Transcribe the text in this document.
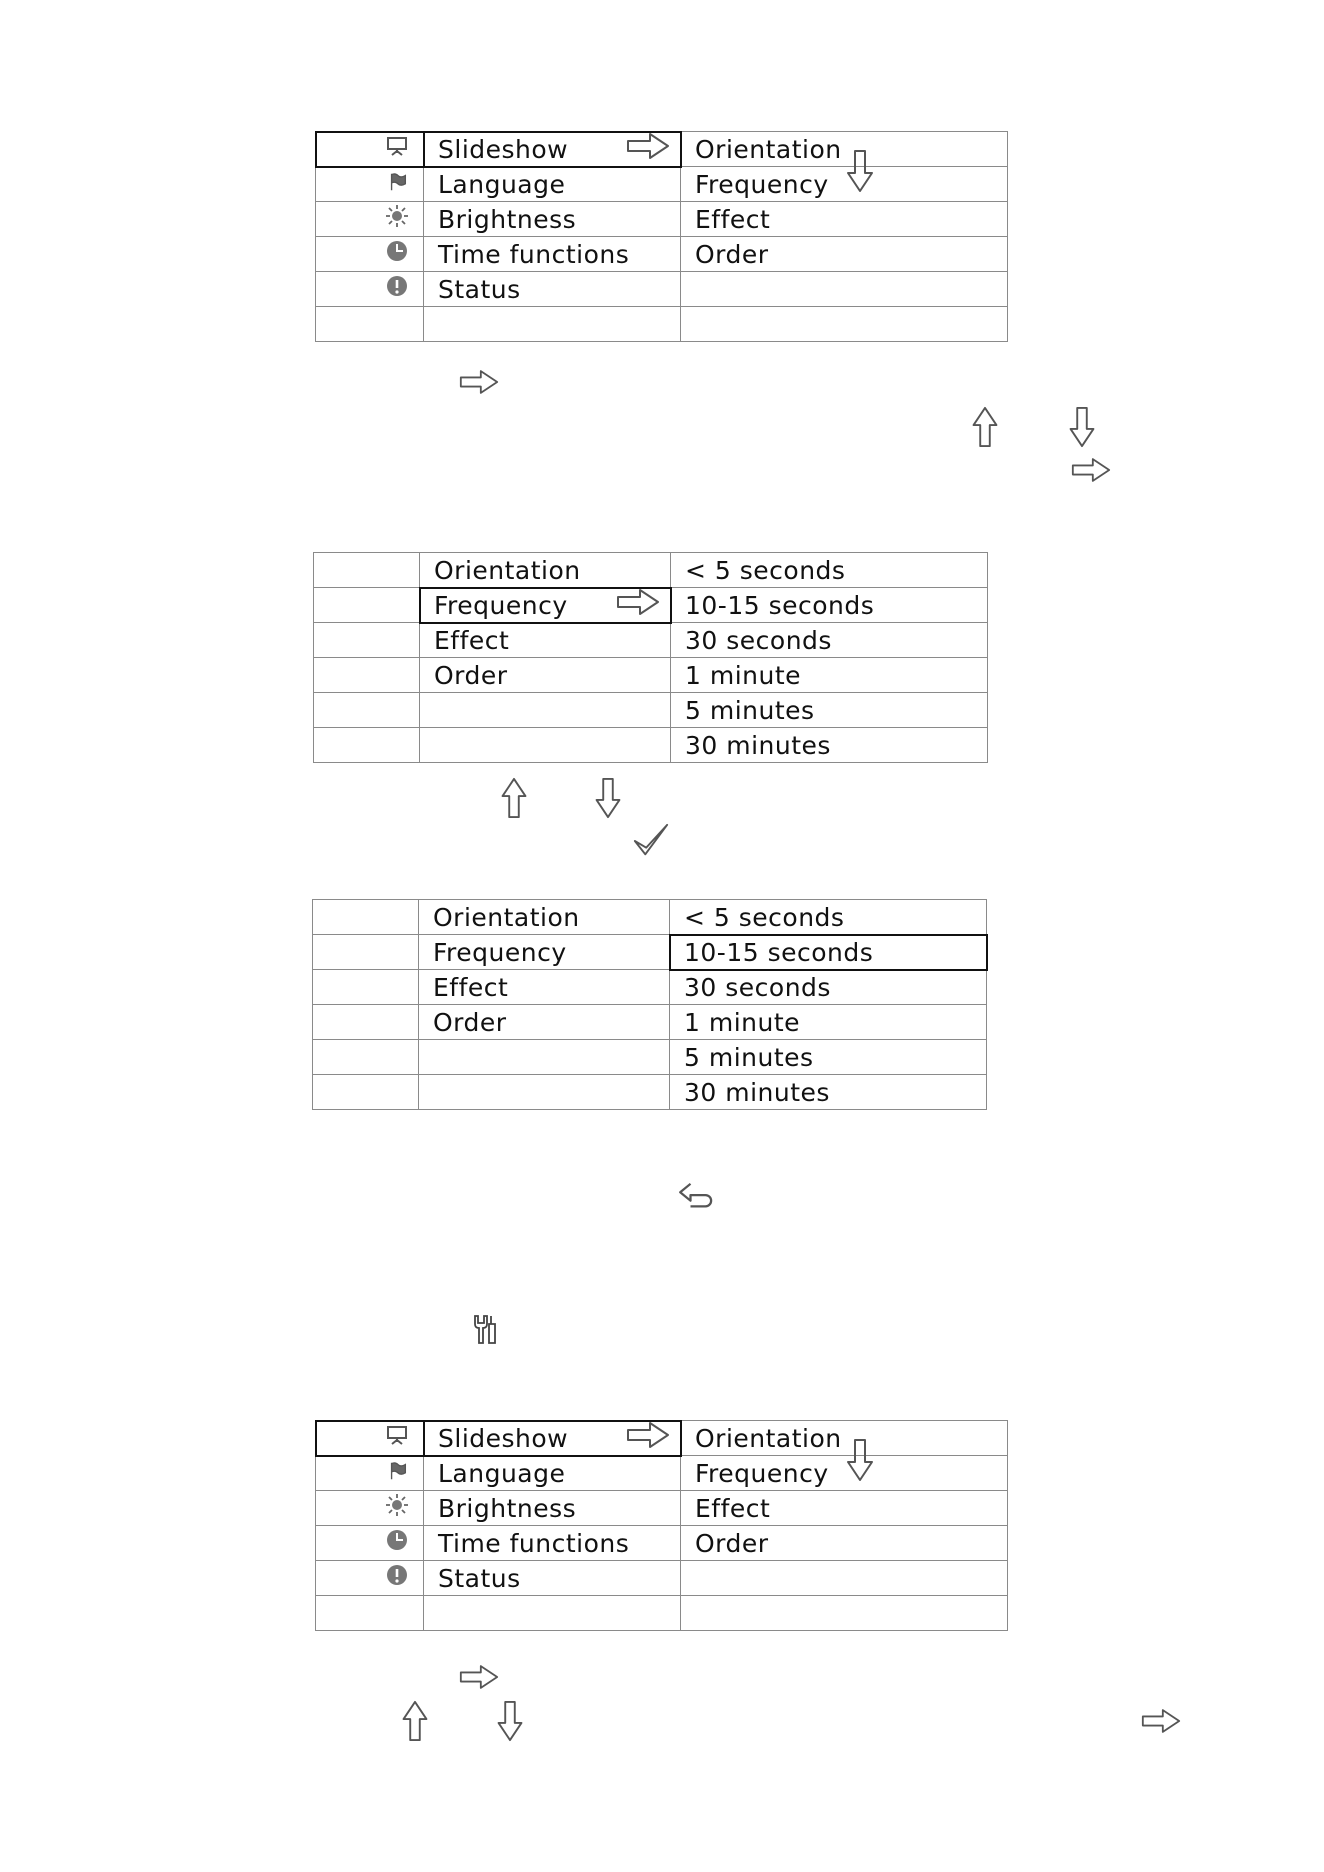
	Slideshow	Orientation
	Language	Frequency
	Brightness	Effect
	Time functions	Order
	Status	

	Orientation	< 5 seconds
	Frequency	10-15 seconds
	Effect	30 seconds
	Order	1 minute
		5 minutes
		30 minutes
	Orientation	< 5 seconds
	Frequency	10-15 seconds
	Effect	30 seconds
	Order	1 minute
		5 minutes
		30 minutes
	Slideshow	Orientation
	Language	Frequency
	Brightness	Effect
	Time functions	Order
	Status	
